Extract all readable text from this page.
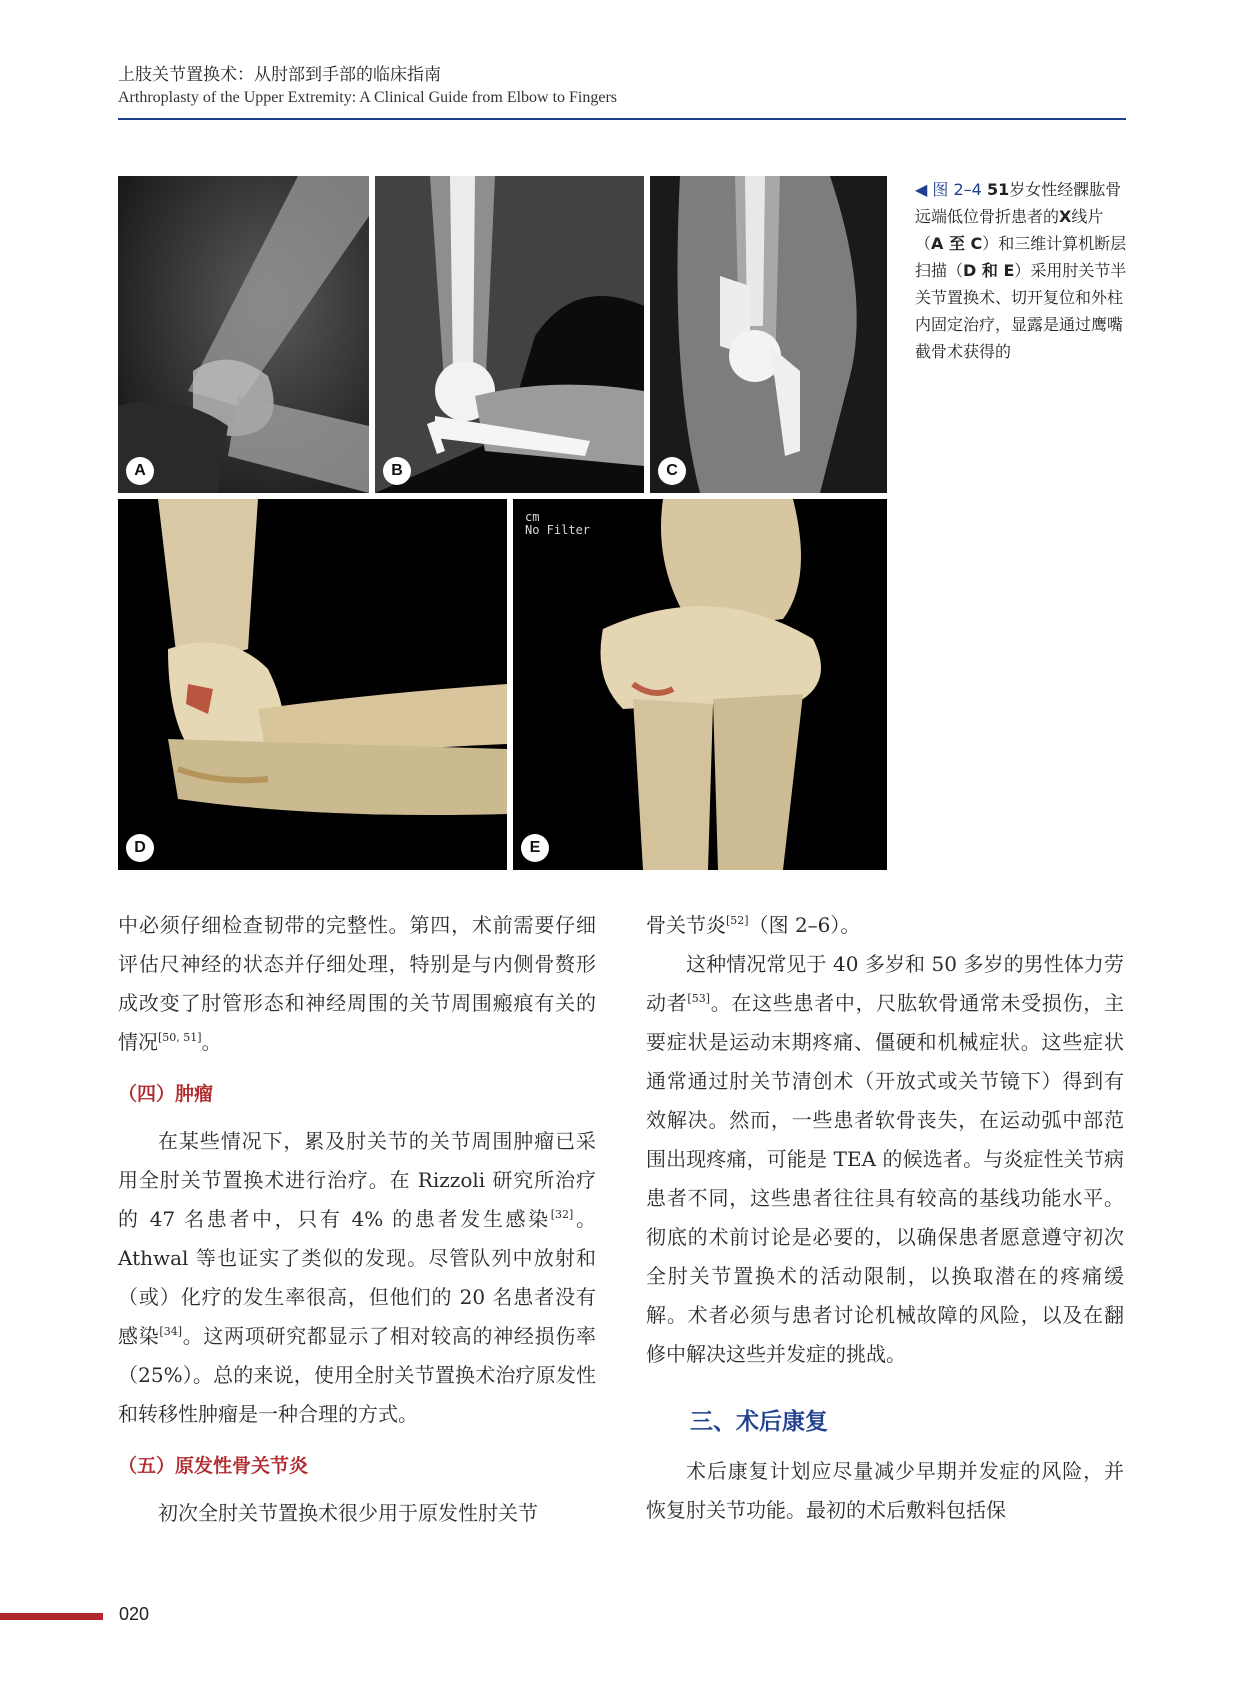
上肢关节置换术：从肘部到手部的临床指南
Arthroplasty of the Upper Extremity: A Clinical Guide from Elbow to Fingers
A	B	C
D
cm
No Filter
E
◀ 图 2–4 51岁女性经髁肱骨远端低位骨折患者的X线片（A 至 C）和三维计算机断层扫描（D 和 E）采用肘关节半关节置换术、切开复位和外柱内固定治疗，显露是通过鹰嘴截骨术获得的

中必须仔细检查韧带的完整性。第四，术前需要仔细评估尺神经的状态并仔细处理，特别是与内侧骨赘形成改变了肘管形态和神经周围的关节周围瘢痕有关的情况[50, 51]。

（四）肿瘤

在某些情况下，累及肘关节的关节周围肿瘤已采用全肘关节置换术进行治疗。在 Rizzoli 研究所治疗的 47 名患者中，只有 4% 的患者发生感染[32]。Athwal 等也证实了类似的发现。尽管队列中放射和（或）化疗的发生率很高，但他们的 20 名患者没有感染[34]。这两项研究都显示了相对较高的神经损伤率（25%）。总的来说，使用全肘关节置换术治疗原发性和转移性肿瘤是一种合理的方式。

（五）原发性骨关节炎

初次全肘关节置换术很少用于原发性肘关节

骨关节炎[52]（图 2–6）。

这种情况常见于 40 多岁和 50 多岁的男性体力劳动者[53]。在这些患者中，尺肱软骨通常未受损伤，主要症状是运动末期疼痛、僵硬和机械症状。这些症状通常通过肘关节清创术（开放式或关节镜下）得到有效解决。然而，一些患者软骨丧失，在运动弧中部范围出现疼痛，可能是 TEA 的候选者。与炎症性关节病患者不同，这些患者往往具有较高的基线功能水平。彻底的术前讨论是必要的，以确保患者愿意遵守初次全肘关节置换术的活动限制，以换取潜在的疼痛缓解。术者必须与患者讨论机械故障的风险，以及在翻修中解决这些并发症的挑战。

三、术后康复

术后康复计划应尽量减少早期并发症的风险，并恢复肘关节功能。最初的术后敷料包括保

020
